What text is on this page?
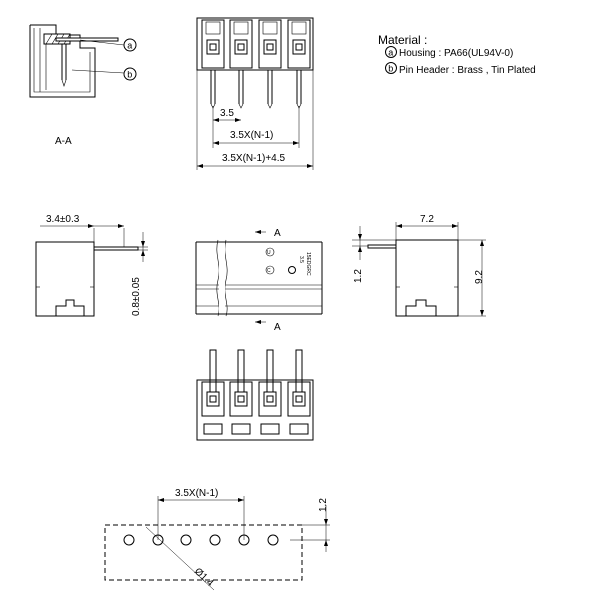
Material :
a Housing : PA66(UL94V-0)
b Pin Header : Brass , Tin Plated
a
b
A-A
3.5X(N-1)+4.5
3.5X(N-1)
3.5
3.4±0.3
0.8±0.05
15EDGRC
3.5
U
C
A
A
7.2
9.2
1.2
3.5X(N-1)
1.2
Ø1.4
